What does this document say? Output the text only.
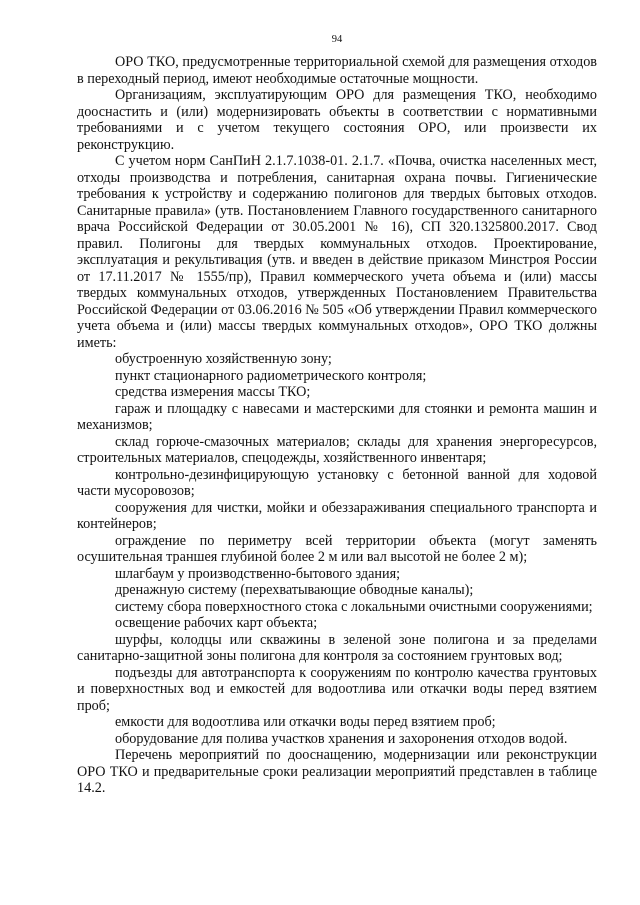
94

ОРО ТКО, предусмотренные территориальной схемой для размещения отходов в переходный период, имеют необходимые остаточные мощности.

Организациям, эксплуатирующим ОРО для размещения ТКО, необходимо дооснастить и (или) модернизировать объекты в соответствии с нормативными требованиями и с учетом текущего состояния ОРО, или произвести их реконструкцию.

С учетом норм СанПиН 2.1.7.1038-01. 2.1.7. «Почва, очистка населенных мест, отходы производства и потребления, санитарная охрана почвы. Гигиенические требования к устройству и содержанию полигонов для твердых бытовых отходов. Санитарные правила» (утв. Постановлением Главного государственного санитарного врача Российской Федерации от 30.05.2001 № 16), СП 320.1325800.2017. Свод правил. Полигоны для твердых коммунальных отходов. Проектирование, эксплуатация и рекультивация (утв. и введен в действие приказом Минстроя России от 17.11.2017 № 1555/пр), Правил коммерческого учета объема и (или) массы твердых коммунальных отходов, утвержденных Постановлением Правительства Российской Федерации от 03.06.2016 № 505 «Об утверждении Правил коммерческого учета объема и (или) массы твердых коммунальных отходов», ОРО ТКО должны иметь:

обустроенную хозяйственную зону;

пункт стационарного радиометрического контроля;

средства измерения массы ТКО;

гараж и площадку с навесами и мастерскими для стоянки и ремонта машин и механизмов;

склад горюче-смазочных материалов; склады для хранения энергоресурсов, строительных материалов, спецодежды, хозяйственного инвентаря;

контрольно-дезинфицирующую установку с бетонной ванной для ходовой части мусоровозов;

сооружения для чистки, мойки и обеззараживания специального транспорта и контейнеров;

ограждение по периметру всей территории объекта (могут заменять осушительная траншея глубиной более 2 м или вал высотой не более 2 м);

шлагбаум у производственно-бытового здания;

дренажную систему (перехватывающие обводные каналы);

систему сбора поверхностного стока с локальными очистными сооружениями;

освещение рабочих карт объекта;

шурфы, колодцы или скважины в зеленой зоне полигона и за пределами санитарно-защитной зоны полигона для контроля за состоянием грунтовых вод;

подъезды для автотранспорта к сооружениям по контролю качества грунтовых и поверхностных вод и емкостей для водоотлива или откачки воды перед взятием проб;

емкости для водоотлива или откачки воды перед взятием проб;

оборудование для полива участков хранения и захоронения отходов водой.

Перечень мероприятий по дооснащению, модернизации или реконструкции ОРО ТКО и предварительные сроки реализации мероприятий представлен в таблице 14.2.
